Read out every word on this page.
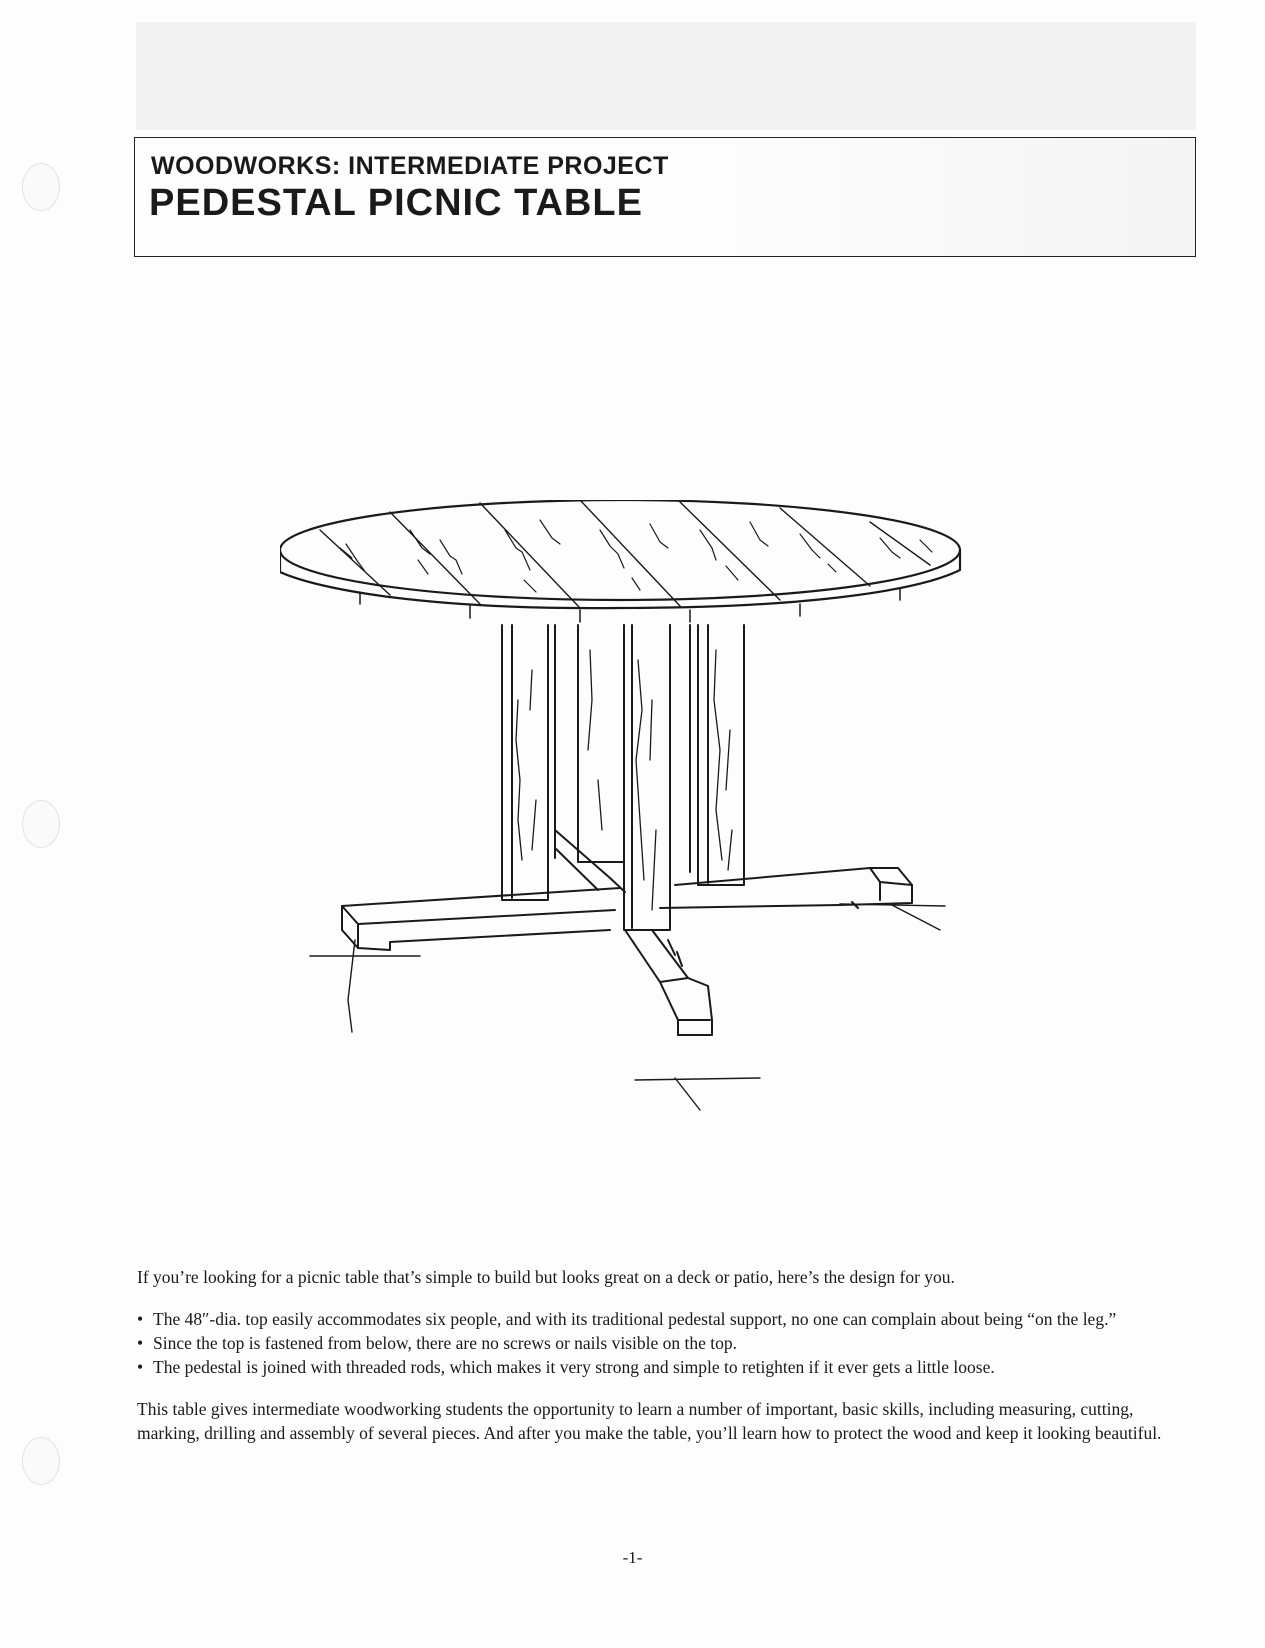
WOODWORKS: INTERMEDIATE PROJECT
PEDESTAL PICNIC TABLE

If you’re looking for a picnic table that’s simple to build but looks great on a deck or patio, here’s the design for you.

• The 48″-dia. top easily accommodates six people, and with its traditional pedestal support, no one can complain about being “on the leg.”
• Since the top is fastened from below, there are no screws or nails visible on the top.
• The pedestal is joined with threaded rods, which makes it very strong and simple to retighten if it ever gets a little loose.

This table gives intermediate woodworking students the opportunity to learn a number of important, basic skills, including measuring, cutting, marking, drilling and assembly of several pieces. And after you make the table, you’ll learn how to protect the wood and keep it looking beautiful.

-1-
